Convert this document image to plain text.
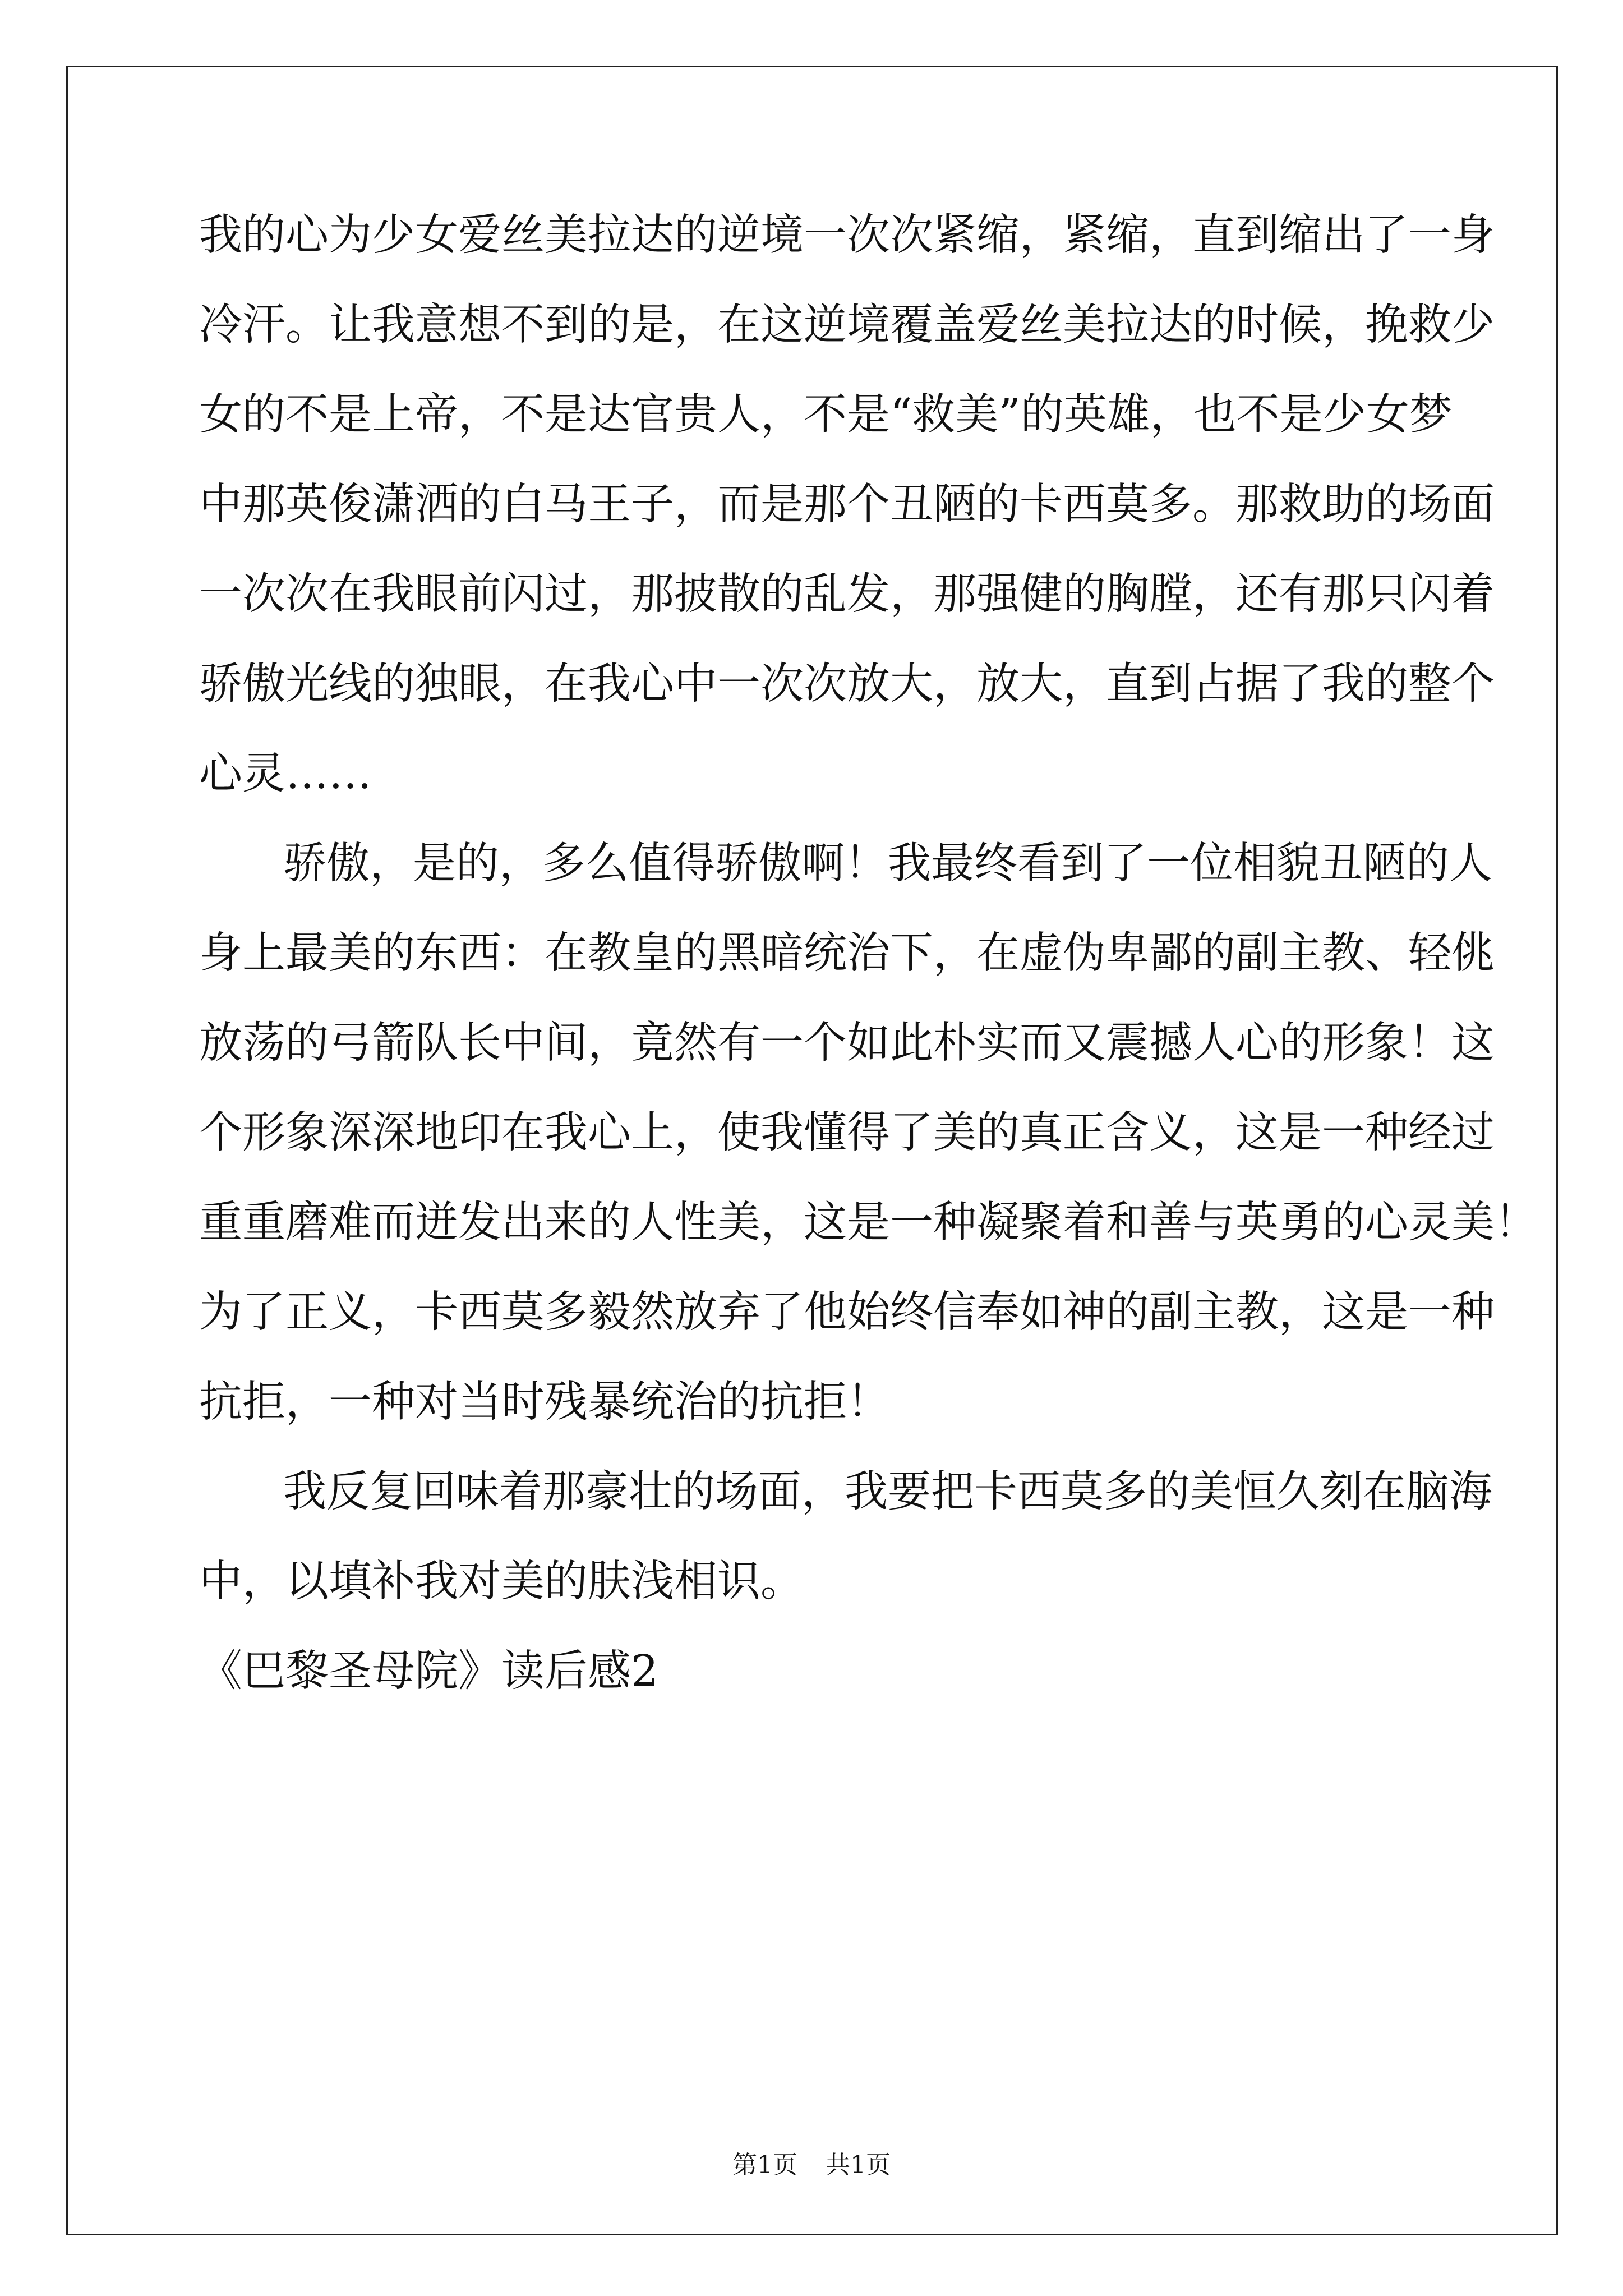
我的心为少女爱丝美拉达的逆境一次次紧缩，紧缩，直到缩出了一身
冷汗。让我意想不到的是，在这逆境覆盖爱丝美拉达的时候，挽救少
女的不是上帝，不是达官贵人，不是“救美”的英雄，也不是少女梦
中那英俊潇洒的白马王子，而是那个丑陋的卡西莫多。那救助的场面
一次次在我眼前闪过，那披散的乱发，那强健的胸膛，还有那只闪着
骄傲光线的独眼，在我心中一次次放大，放大，直到占据了我的整个
心灵……
骄傲，是的，多么值得骄傲啊！我最终看到了一位相貌丑陋的人
身上最美的东西：在教皇的黑暗统治下，在虚伪卑鄙的副主教、轻佻
放荡的弓箭队长中间，竟然有一个如此朴实而又震撼人心的形象！这
个形象深深地印在我心上，使我懂得了美的真正含义，这是一种经过
重重磨难而迸发出来的人性美，这是一种凝聚着和善与英勇的心灵美！
为了正义，卡西莫多毅然放弃了他始终信奉如神的副主教，这是一种
抗拒，一种对当时残暴统治的抗拒！
我反复回味着那豪壮的场面，我要把卡西莫多的美恒久刻在脑海
中，以填补我对美的肤浅相识。
《巴黎圣母院》读后感2
第1页 共1页
